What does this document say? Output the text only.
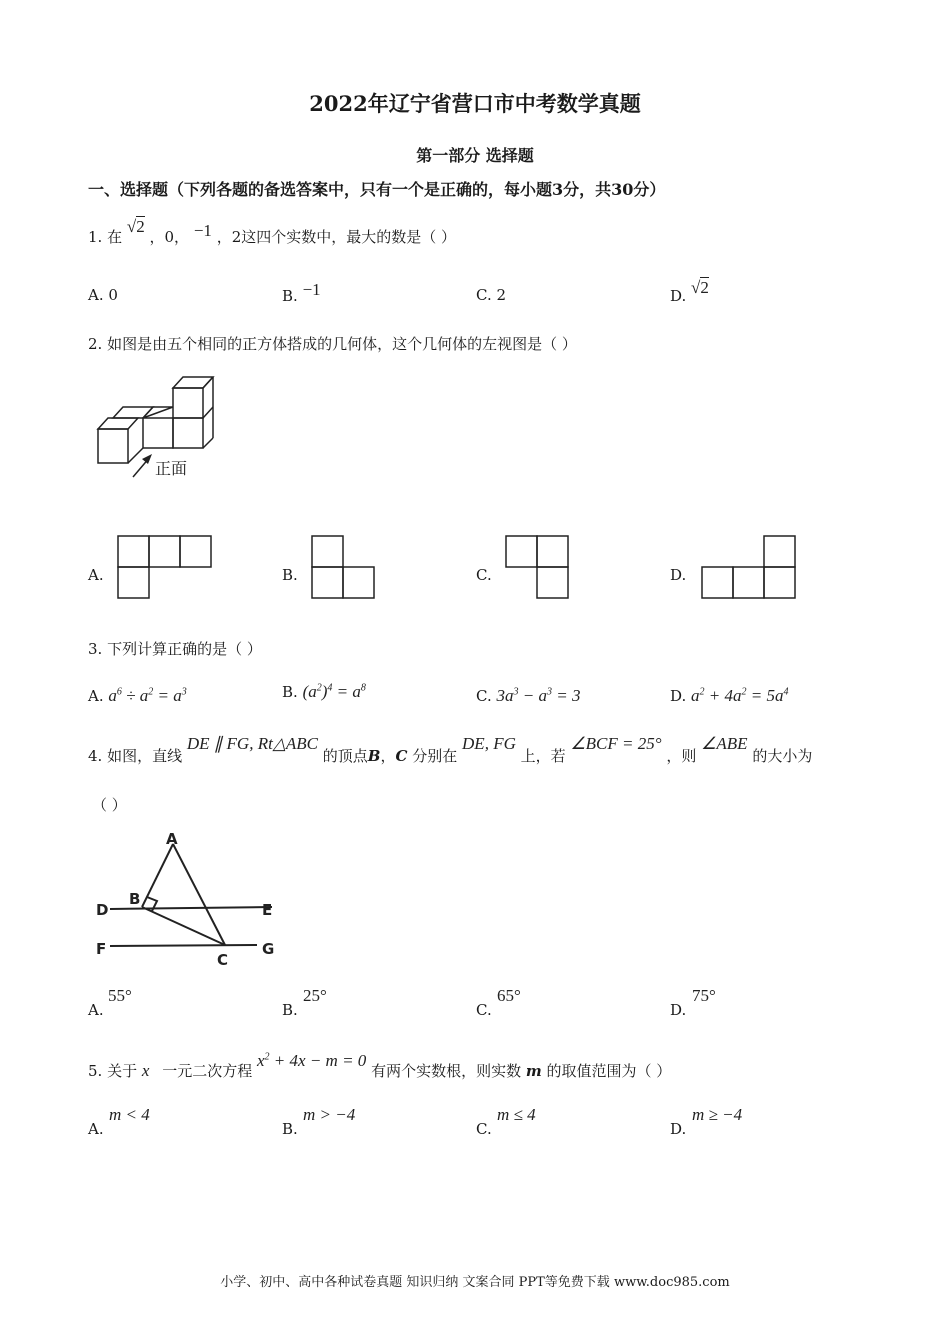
2022年辽宁省营口市中考数学真题
第一部分 选择题
一、选择题（下列各题的备选答案中，只有一个是正确的，每小题3分，共30分）
1. 在 √2 ，0， −1 ，2这四个实数中，最大的数是（ ）
A. 0	B. −1	C. 2	D. √2
2. 如图是由五个相同的正方体搭成的几何体，这个几何体的左视图是（ ）
正面
A.	B.	C.	D.
3. 下列计算正确的是（ ）
A. $a^6 \div a^2 = a^3$	B. $(a^2)^4 = a^8$	C. $3a^3 - a^3 = 3$	D. $a^2 + 4a^2 = 5a^4$
4. 如图，直线 DE ∥ FG, Rt△ABC 的顶点B，C 分别在 DE, FG 上，若 ∠BCF = 25° ，则 ∠ABE 的大小为
（ ）
A
B
D	E
F	G
C
A.
55°
B.
25°
C.
65°
D.
75°
5. 关于 x 一元二次方程 $x^2 + 4x - m = 0$ 有两个实数根，则实数 m 的取值范围为（ ）
A.
m < 4
B.
m > −4
C.
m ≤ 4
D.
m ≥ −4
小学、初中、高中各种试卷真题 知识归纳 文案合同 PPT等免费下载 www.doc985.com
